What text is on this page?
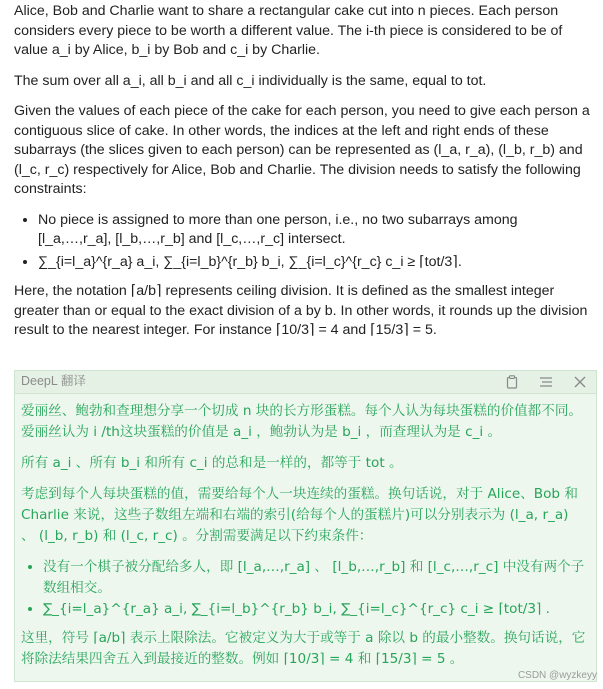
Alice, Bob and Charlie want to share a rectangular cake cut into n pieces. Each person considers every piece to be worth a different value. The i-th piece is considered to be of value a_i by Alice, b_i by Bob and c_i by Charlie.

The sum over all a_i, all b_i and all c_i individually is the same, equal to tot.

Given the values of each piece of the cake for each person, you need to give each person a contiguous slice of cake. In other words, the indices at the left and right ends of these subarrays (the slices given to each person) can be represented as (l_a, r_a), (l_b, r_b) and (l_c, r_c) respectively for Alice, Bob and Charlie. The division needs to satisfy the following constraints:

• No piece is assigned to more than one person, i.e., no two subarrays among [l_a,…,r_a], [l_b,…,r_b] and [l_c,…,r_c] intersect.
• ∑_{i=l_a}^{r_a} a_i, ∑_{i=l_b}^{r_b} b_i, ∑_{i=l_c}^{r_c} c_i ≥ ⌈tot/3⌉.

Here, the notation ⌈a/b⌉ represents ceiling division. It is defined as the smallest integer greater than or equal to the exact division of a by b. In other words, it rounds up the division result to the nearest integer. For instance ⌈10/3⌉ = 4 and ⌈15/3⌉ = 5.

DeepL 翻译

爱丽丝、鲍勃和查理想分享一个切成 n 块的长方形蛋糕。每个人认为每块蛋糕的价值都不同。爱丽丝认为 i /th这块蛋糕的价值是 a_i ，鲍勃认为是 b_i ，而查理认为是 c_i 。

所有 a_i 、所有 b_i 和所有 c_i 的总和是一样的，都等于 tot 。

考虑到每个人每块蛋糕的值，需要给每个人一块连续的蛋糕。换句话说，对于 Alice、Bob 和 Charlie 来说，这些子数组左端和右端的索引(给每个人的蛋糕片)可以分别表示为 (l_a, r_a) 、 (l_b, r_b) 和 (l_c, r_c) 。分割需要满足以下约束条件：

• 没有一个棋子被分配给多人，即 [l_a,…,r_a] 、 [l_b,…,r_b] 和 [l_c,…,r_c] 中没有两个子数组相交。
• ∑_{i=l_a}^{r_a} a_i, ∑_{i=l_b}^{r_b} b_i, ∑_{i=l_c}^{r_c} c_i ≥ ⌈tot/3⌉ .

这里，符号 ⌈a/b⌉ 表示上限除法。它被定义为大于或等于 a 除以 b 的最小整数。换句话说，它将除法结果四舍五入到最接近的整数。例如 ⌈10/3⌉ = 4 和 ⌈15/3⌉ = 5 。

CSDN @wyzkeyy
